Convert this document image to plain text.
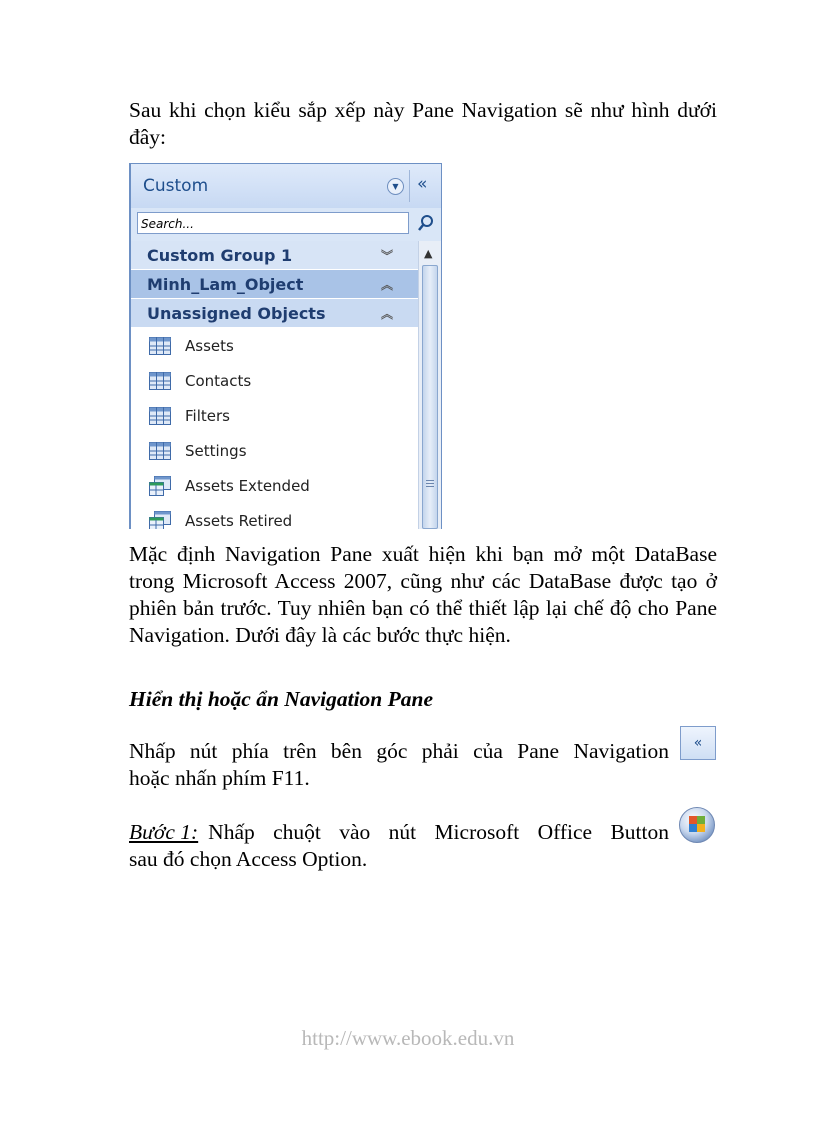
Sau khi chọn kiểu sắp xếp này Pane Navigation sẽ như hình dưới đây:

Custom	▼	«
Search...
Custom Group 1	︾
Minh_Lam_Object	︽
Unassigned Objects	︽
Assets
Contacts
Filters
Settings
Assets Extended
Assets Retired
▲

Mặc định Navigation Pane xuất hiện khi bạn mở một DataBase trong Microsoft Access 2007, cũng như các DataBase được tạo ở phiên bản trước. Tuy nhiên bạn có thể thiết lập lại chế độ cho Pane Navigation. Dưới đây là các bước thực hiện.

Hiển thị hoặc ẩn Navigation Pane

Nhấp nút phía trên bên góc phải của Pane Navigation
hoặc nhấn phím F11.
«
Bước 1: Nhấp chuột vào nút Microsoft Office Button
sau đó chọn Access Option.
http://www.ebook.edu.vn
